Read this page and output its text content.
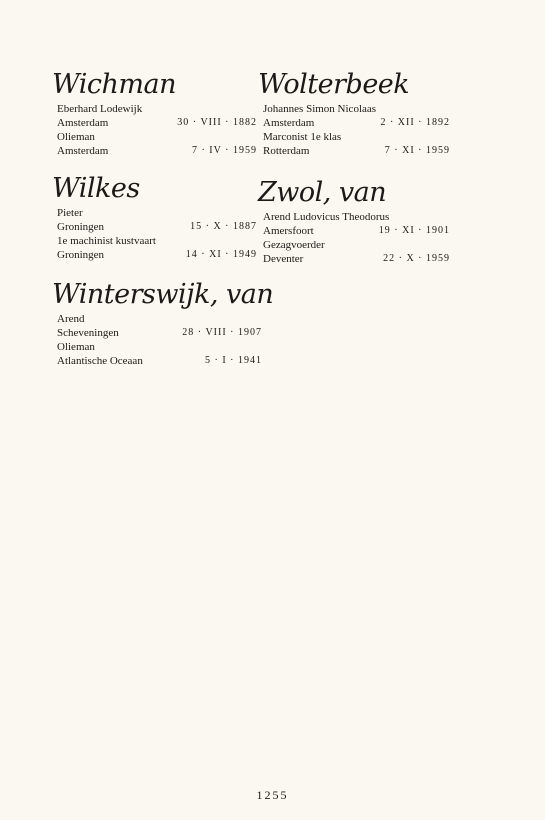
Wichman
Eberhard Lodewijk
Amsterdam	30 · VIII · 1882
Olieman
Amsterdam	7 · IV · 1959
Wilkes
Pieter
Groningen	15 · X · 1887
1e machinist kustvaart
Groningen	14 · XI · 1949
Winterswijk, van
Arend
Scheveningen	28 · VIII · 1907
Olieman
Atlantische Oceaan	5 · I · 1941
Wolterbeek
Johannes Simon Nicolaas
Amsterdam	2 · XII · 1892
Marconist 1e klas
Rotterdam	7 · XI · 1959
Zwol, van
Arend Ludovicus Theodorus
Amersfoort	19 · XI · 1901
Gezagvoerder
Deventer	22 · X · 1959
1255
